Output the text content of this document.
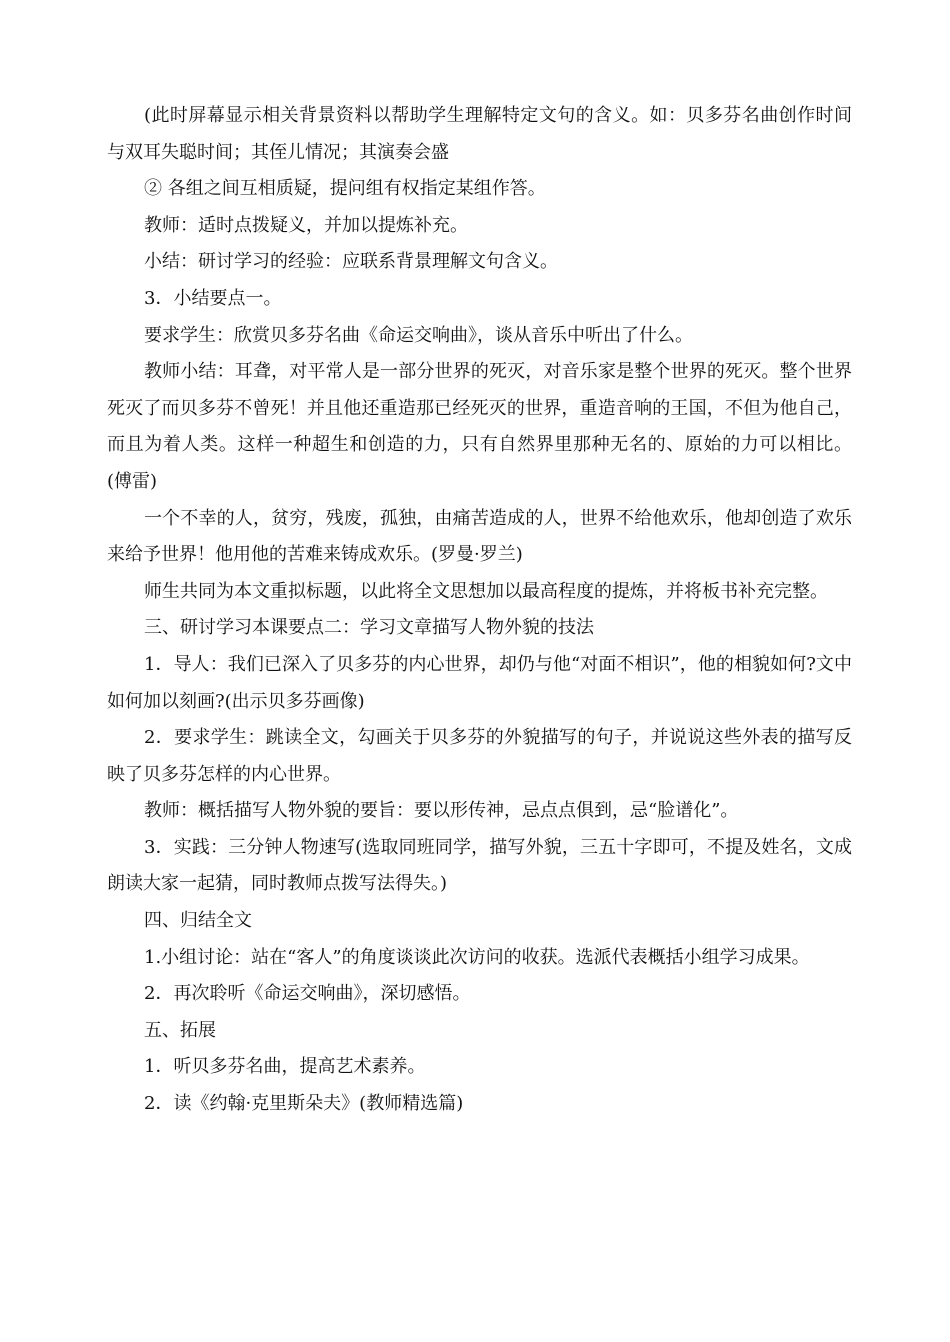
(此时屏幕显示相关背景资料以帮助学生理解特定文句的含义。如：贝多芬名曲创作时间与双耳失聪时间；其侄儿情况；其演奏会盛

② 各组之间互相质疑，提问组有权指定某组作答。

教师：适时点拨疑义，并加以提炼补充。

小结：研讨学习的经验：应联系背景理解文句含义。

3．小结要点一。

要求学生：欣赏贝多芬名曲《命运交响曲》，谈从音乐中听出了什么。

教师小结：耳聋，对平常人是一部分世界的死灭，对音乐家是整个世界的死灭。整个世界死灭了而贝多芬不曾死！并且他还重造那已经死灭的世界，重造音响的王国，不但为他自己，而且为着人类。这样一种超生和创造的力，只有自然界里那种无名的、原始的力可以相比。(傅雷)

一个不幸的人，贫穷，残废，孤独，由痛苦造成的人，世界不给他欢乐，他却创造了欢乐来给予世界！他用他的苦难来铸成欢乐。(罗曼·罗兰)

师生共同为本文重拟标题，以此将全文思想加以最高程度的提炼，并将板书补充完整。

三、研讨学习本课要点二：学习文章描写人物外貌的技法

1．导人：我们已深入了贝多芬的内心世界，却仍与他“对面不相识”，他的相貌如何?文中如何加以刻画?(出示贝多芬画像)

2．要求学生：跳读全文，勾画关于贝多芬的外貌描写的句子，并说说这些外表的描写反映了贝多芬怎样的内心世界。

教师：概括描写人物外貌的要旨：要以形传神，忌点点俱到，忌“脸谱化”。

3．实践：三分钟人物速写(选取同班同学，描写外貌，三五十字即可，不提及姓名，文成朗读大家一起猜，同时教师点拨写法得失。)

四、归结全文

1.小组讨论：站在“客人”的角度谈谈此次访问的收获。选派代表概括小组学习成果。

2．再次聆听《命运交响曲》，深切感悟。

五、拓展

1．听贝多芬名曲，提高艺术素养。

2．读《约翰·克里斯朵夫》(教师精选篇)
